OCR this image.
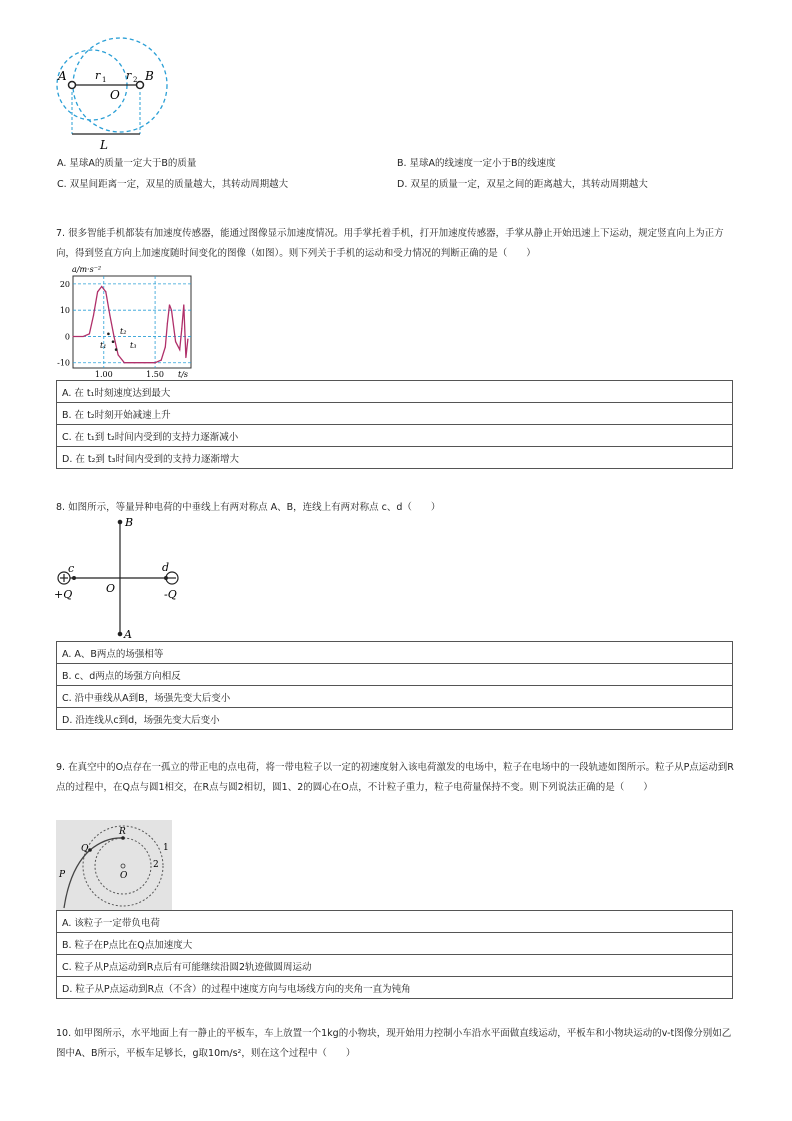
A	B
O
r 1 r 2
L
A. 星球A的质量一定大于B的质量	B. 星球A的线速度一定小于B的线速度
C. 双星间距离一定，双星的质量越大，其转动周期越大	D. 双星的质量一定，双星之间的距离越大，其转动周期越大
7. 很多智能手机都装有加速度传感器，能通过图像显示加速度情况。用手掌托着手机，打开加速度传感器，手掌从静止开始迅速上下运动，规定竖直向上为正方向，得到竖直方向上加速度随时间变化的图像（如图）。则下列关于手机的运动和受力情况的判断正确的是（　　）
a/m·s⁻²
t/s
20
10
0
-10
1.00	1.50
t₁
t₂
t₃
A. 在 t₁时刻速度达到最大
B. 在 t₂时刻开始减速上升
C. 在 t₁到 t₂时间内受到的支持力逐渐减小
D. 在 t₂到 t₃时间内受到的支持力逐渐增大
8. 如图所示，等量异种电荷的中垂线上有两对称点 A、B，连线上有两对称点 c、d（　　）
B
A
O
c	d
+Q	-Q
A. A、B两点的场强相等
B. c、d两点的场强方向相反
C. 沿中垂线从A到B，场强先变大后变小
D. 沿连线从c到d，场强先变大后变小
9. 在真空中的O点存在一孤立的带正电的点电荷，将一带电粒子以一定的初速度射入该电荷激发的电场中，粒子在电场中的一段轨迹如图所示。粒子从P点运动到R点的过程中，在Q点与圆1相交，在R点与圆2相切，圆1、2的圆心在O点，不计粒子重力，粒子电荷量保持不变。则下列说法正确的是（　　）
R
Q
P	O
1
2
A. 该粒子一定带负电荷
B. 粒子在P点比在Q点加速度大
C. 粒子从P点运动到R点后有可能继续沿圆2轨迹做圆周运动
D. 粒子从P点运动到R点（不含）的过程中速度方向与电场线方向的夹角一直为钝角
10. 如甲图所示，水平地面上有一静止的平板车，车上放置一个1kg的小物块，现开始用力控制小车沿水平面做直线运动，平板车和小物块运动的v-t图像分别如乙图中A、B所示，平板车足够长，g取10m/s²，则在这个过程中（　　）
